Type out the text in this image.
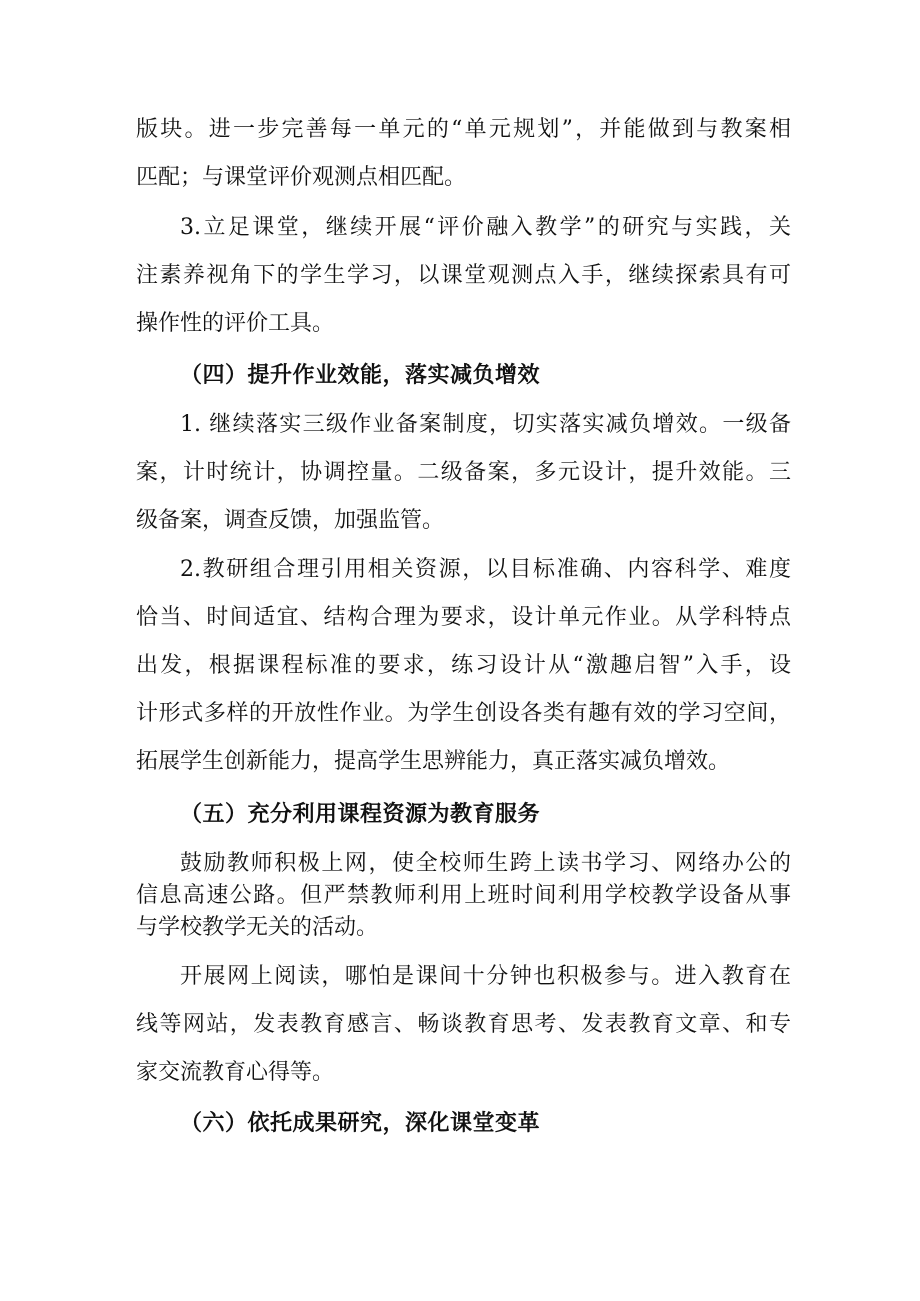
版块。进一步完善每一单元的“单元规划”，并能做到与教案相
匹配；与课堂评价观测点相匹配。
3.立足课堂，继续开展“评价融入教学”的研究与实践，关
注素养视角下的学生学习，以课堂观测点入手，继续探索具有可
操作性的评价工具。
（四）提升作业效能，落实减负增效
1. 继续落实三级作业备案制度，切实落实减负增效。一级备
案，计时统计，协调控量。二级备案，多元设计，提升效能。三
级备案，调查反馈，加强监管。
2.教研组合理引用相关资源，以目标准确、内容科学、难度
恰当、时间适宜、结构合理为要求，设计单元作业。从学科特点
出发，根据课程标准的要求，练习设计从“激趣启智”入手，设
计形式多样的开放性作业。为学生创设各类有趣有效的学习空间，
拓展学生创新能力，提高学生思辨能力，真正落实减负增效。
（五）充分利用课程资源为教育服务
鼓励教师积极上网，使全校师生跨上读书学习、网络办公的
信息高速公路。但严禁教师利用上班时间利用学校教学设备从事
与学校教学无关的活动。
开展网上阅读，哪怕是课间十分钟也积极参与。进入教育在
线等网站，发表教育感言、畅谈教育思考、发表教育文章、和专
家交流教育心得等。
（六）依托成果研究，深化课堂变革
